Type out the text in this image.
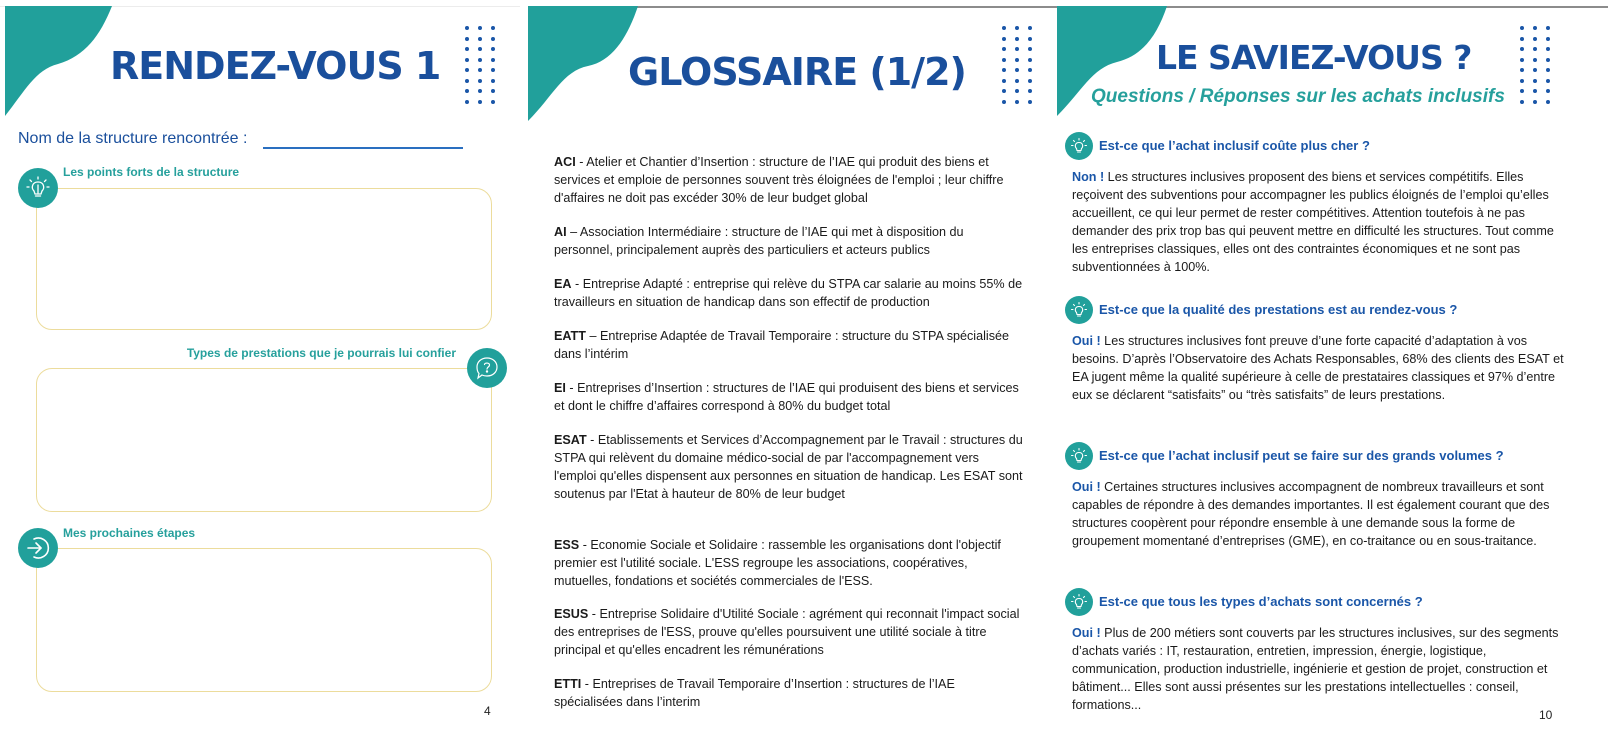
RENDEZ-VOUS 1
Nom de la structure rencontrée :
Les points forts de la structure
Types de prestations que je pourrais lui confier
Mes prochaines étapes
4
GLOSSAIRE (1/2)
ACI - Atelier et Chantier d’Insertion : structure de l’IAE qui produit des biens et services et emploie de personnes souvent très éloignées de l'emploi ; leur chiffre d'affaires ne doit pas excéder 30% de leur budget global
AI – Association Intermédiaire : structure de l’IAE qui met à disposition du personnel, principalement auprès des particuliers et acteurs publics
EA - Entreprise Adapté : entreprise qui relève du STPA car salarie au moins 55% de travailleurs en situation de handicap dans son effectif de production
EATT – Entreprise Adaptée de Travail Temporaire : structure du STPA spécialisée dans l’intérim
EI - Entreprises d’Insertion : structures de l’IAE qui produisent des biens et services et dont le chiffre d’affaires correspond à 80% du budget total
ESAT - Etablissements et Services d’Accompagnement par le Travail : structures du STPA qui relèvent du domaine médico-social de par l'accompagnement vers l'emploi qu'elles dispensent aux personnes en situation de handicap. Les ESAT sont soutenus par l'Etat à hauteur de 80% de leur budget
ESS - Economie Sociale et Solidaire : rassemble les organisations dont l'objectif premier est l'utilité sociale. L'ESS regroupe les associations, coopératives, mutuelles, fondations et sociétés commerciales de l'ESS.
ESUS - Entreprise Solidaire d'Utilité Sociale : agrément qui reconnait l'impact social des entreprises de l'ESS, prouve qu'elles poursuivent une utilité sociale à titre principal et qu'elles encadrent les rémunérations
ETTI - Entreprises de Travail Temporaire d’Insertion : structures de l’IAE spécialisées dans l’interim
LE SAVIEZ-VOUS ?
Questions / Réponses sur les achats inclusifs
Est-ce que l’achat inclusif coûte plus cher ?
Non ! Les structures inclusives proposent des biens et services compétitifs. Elles reçoivent des subventions pour accompagner les publics éloignés de l’emploi qu’elles accueillent, ce qui leur permet de rester compétitives. Attention toutefois à ne pas demander des prix trop bas qui peuvent mettre en difficulté les structures. Tout comme les entreprises classiques, elles ont des contraintes économiques et ne sont pas subventionnées à 100%.
Est-ce que la qualité des prestations est au rendez-vous ?
Oui ! Les structures inclusives font preuve d’une forte capacité d’adaptation à vos besoins. D’après l’Observatoire des Achats Responsables, 68% des clients des ESAT et EA jugent même la qualité supérieure à celle de prestataires classiques et 97% d’entre eux se déclarent “satisfaits” ou “très satisfaits” de leurs prestations.
Est-ce que l’achat inclusif peut se faire sur des grands volumes ?
Oui ! Certaines structures inclusives accompagnent de nombreux travailleurs et sont capables de répondre à des demandes importantes. Il est également courant que des structures coopèrent pour répondre ensemble à une demande sous la forme de groupement momentané d’entreprises (GME), en co-traitance ou en sous-traitance.
Est-ce que tous les types d’achats sont concernés ?
Oui ! Plus de 200 métiers sont couverts par les structures inclusives, sur des segments d’achats variés : IT, restauration, entretien, impression, énergie, logistique, communication, production industrielle, ingénierie et gestion de projet, construction et bâtiment... Elles sont aussi présentes sur les prestations intellectuelles : conseil, formations...
10
